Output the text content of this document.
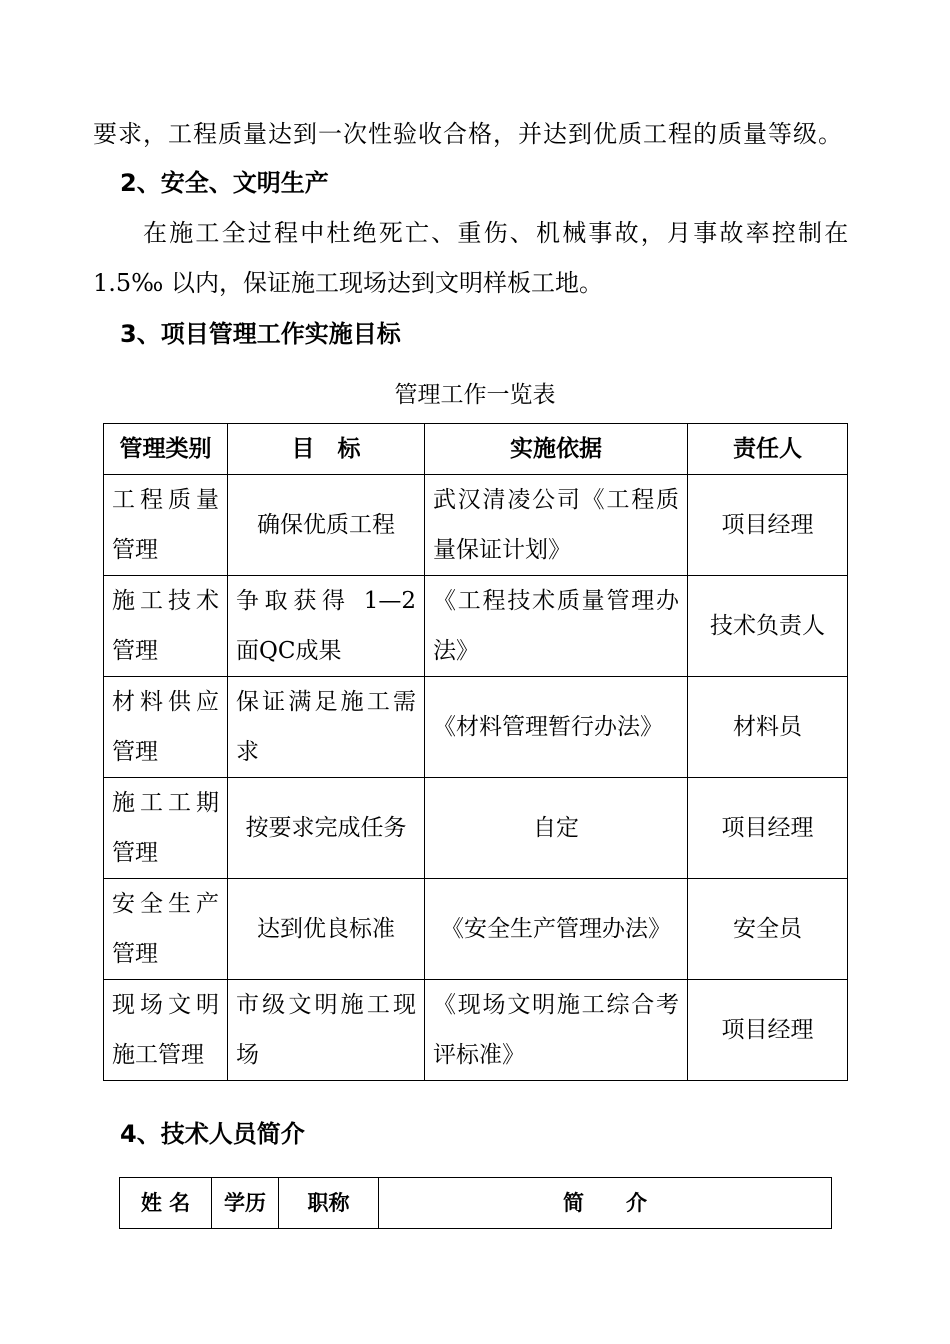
要求，工程质量达到一次性验收合格，并达到优质工程的质量等级。
2、安全、文明生产
在施工全过程中杜绝死亡、重伤、机械事故，月事故率控制在
1.5‰ 以内，保证施工现场达到文明样板工地。
3、项目管理工作实施目标
管理工作一览表
管理类别	目　标	实施依据	责任人
工程质量管理	确保优质工程	武汉清凌公司《工程质量保证计划》	项目经理
施工技术管理	争取获得 1—2 面QC成果	《工程技术质量管理办法》	技术负责人
材料供应管理	保证满足施工需求	《材料管理暂行办法》	材料员
施工工期管理	按要求完成任务	自定	项目经理
安全生产管理	达到优良标准	《安全生产管理办法》	安全员
现场文明施工管理	市级文明施工现场	《现场文明施工综合考评标准》	项目经理
4、技术人员简介
姓 名	学历	职称	简　　介
